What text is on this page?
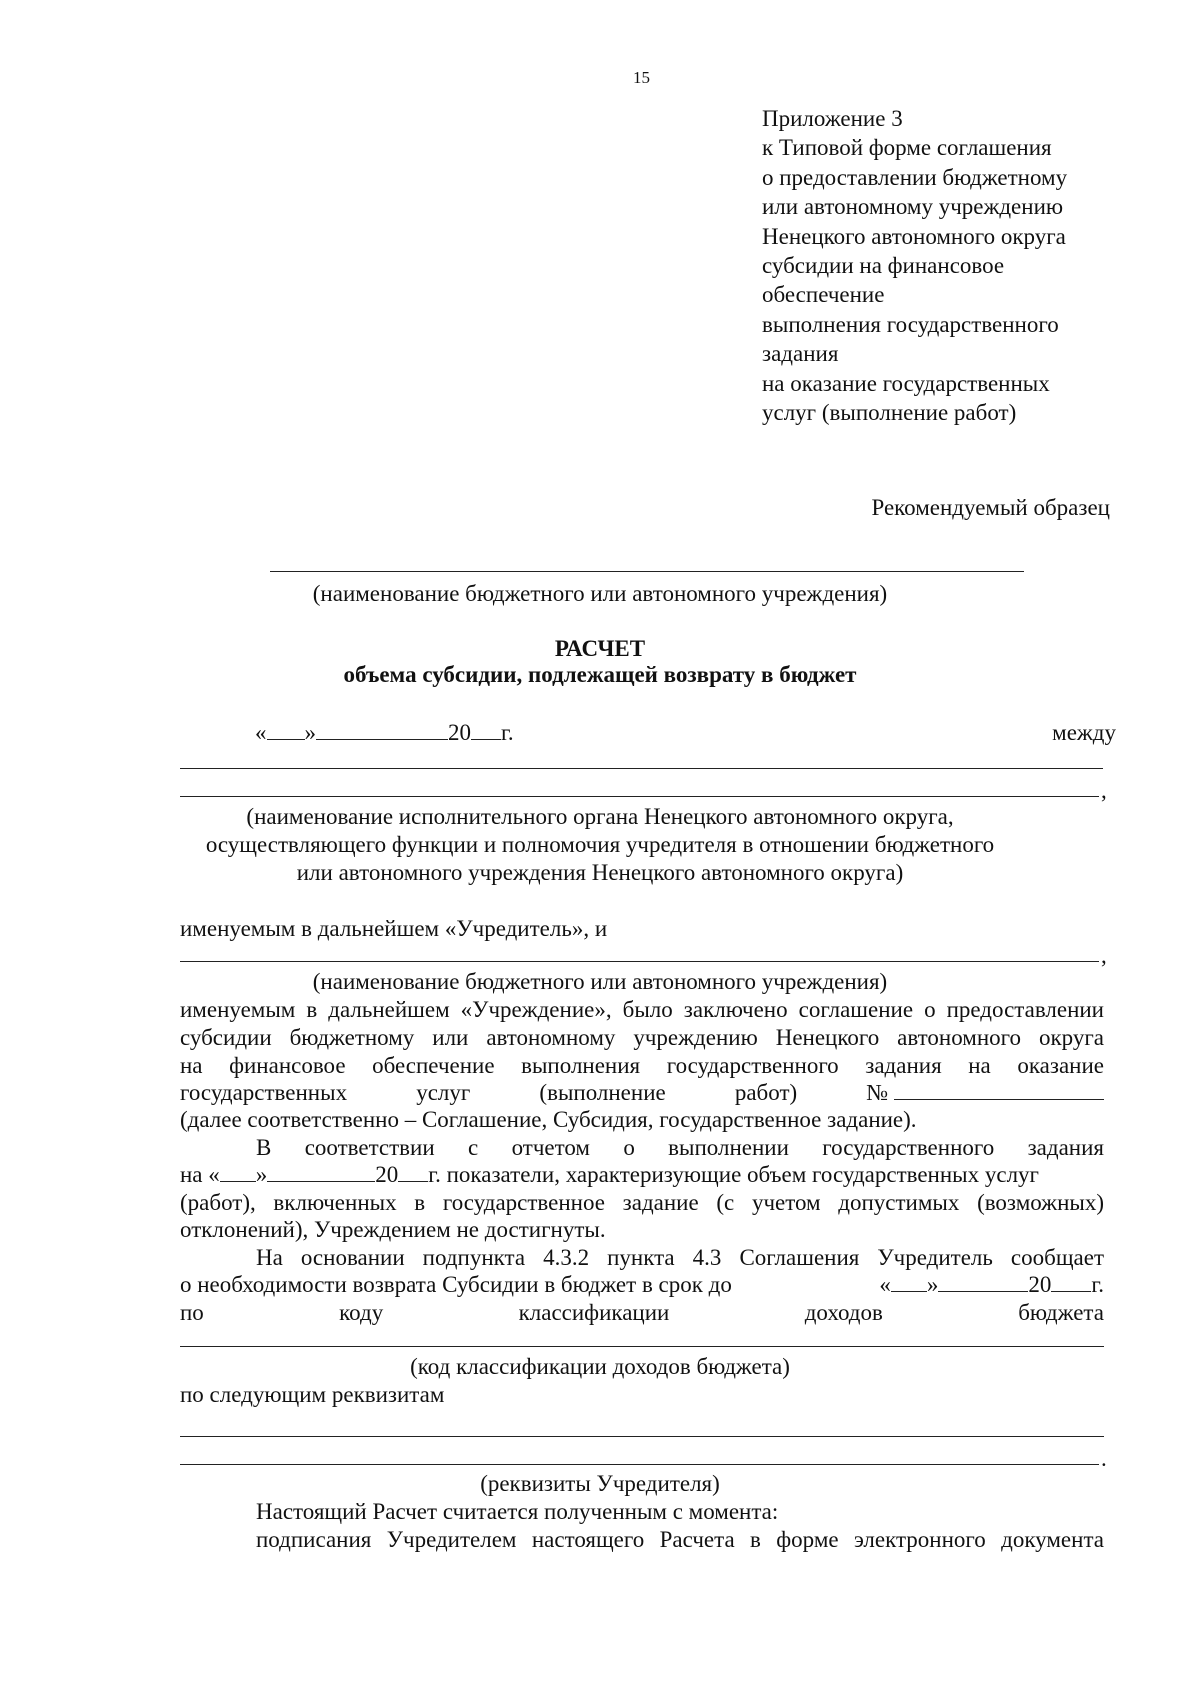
15
Приложение 3
к Типовой форме соглашения
о предоставлении бюджетному
или автономному учреждению
Ненецкого автономного округа
субсидии на финансовое
обеспечение
выполнения государственного
задания
на оказание государственных
услуг (выполнение работ)
Рекомендуемый образец
(наименование бюджетного или автономного учреждения)
РАСЧЕТ
объема субсидии, подлежащей возврату в бюджет
« »	20 г.	между
,
(наименование исполнительного органа Ненецкого автономного округа,
осуществляющего функции и полномочия учредителя в отношении бюджетного
или автономного учреждения Ненецкого автономного округа)
именуемым в дальнейшем «Учредитель», и
,
(наименование бюджетного или автономного учреждения)
именуемым в дальнейшем «Учреждение», было заключено соглашение о предоставлении
субсидии бюджетному или автономному учреждению Ненецкого автономного округа
на финансовое обеспечение выполнения государственного задания на оказание
государственных	услуг	(выполнение	работ)	№
(далее соответственно – Соглашение, Субсидия, государственное задание).
В соответствии с отчетом о выполнении государственного задания
на « »	20 г. показатели, характеризующие объем государственных услуг
(работ), включенных в государственное задание (с учетом допустимых (возможных)
отклонений), Учреждением не достигнуты.
На основании подпункта 4.3.2 пункта 4.3 Соглашения Учредитель сообщает
о необходимости возврата Субсидии в бюджет в срок до	« »	20 г.
по	коду	классификации	доходов	бюджета
(код классификации доходов бюджета)
по следующим реквизитам
.
(реквизиты Учредителя)
Настоящий Расчет считается полученным с момента:
подписания Учредителем настоящего Расчета в форме электронного документа
